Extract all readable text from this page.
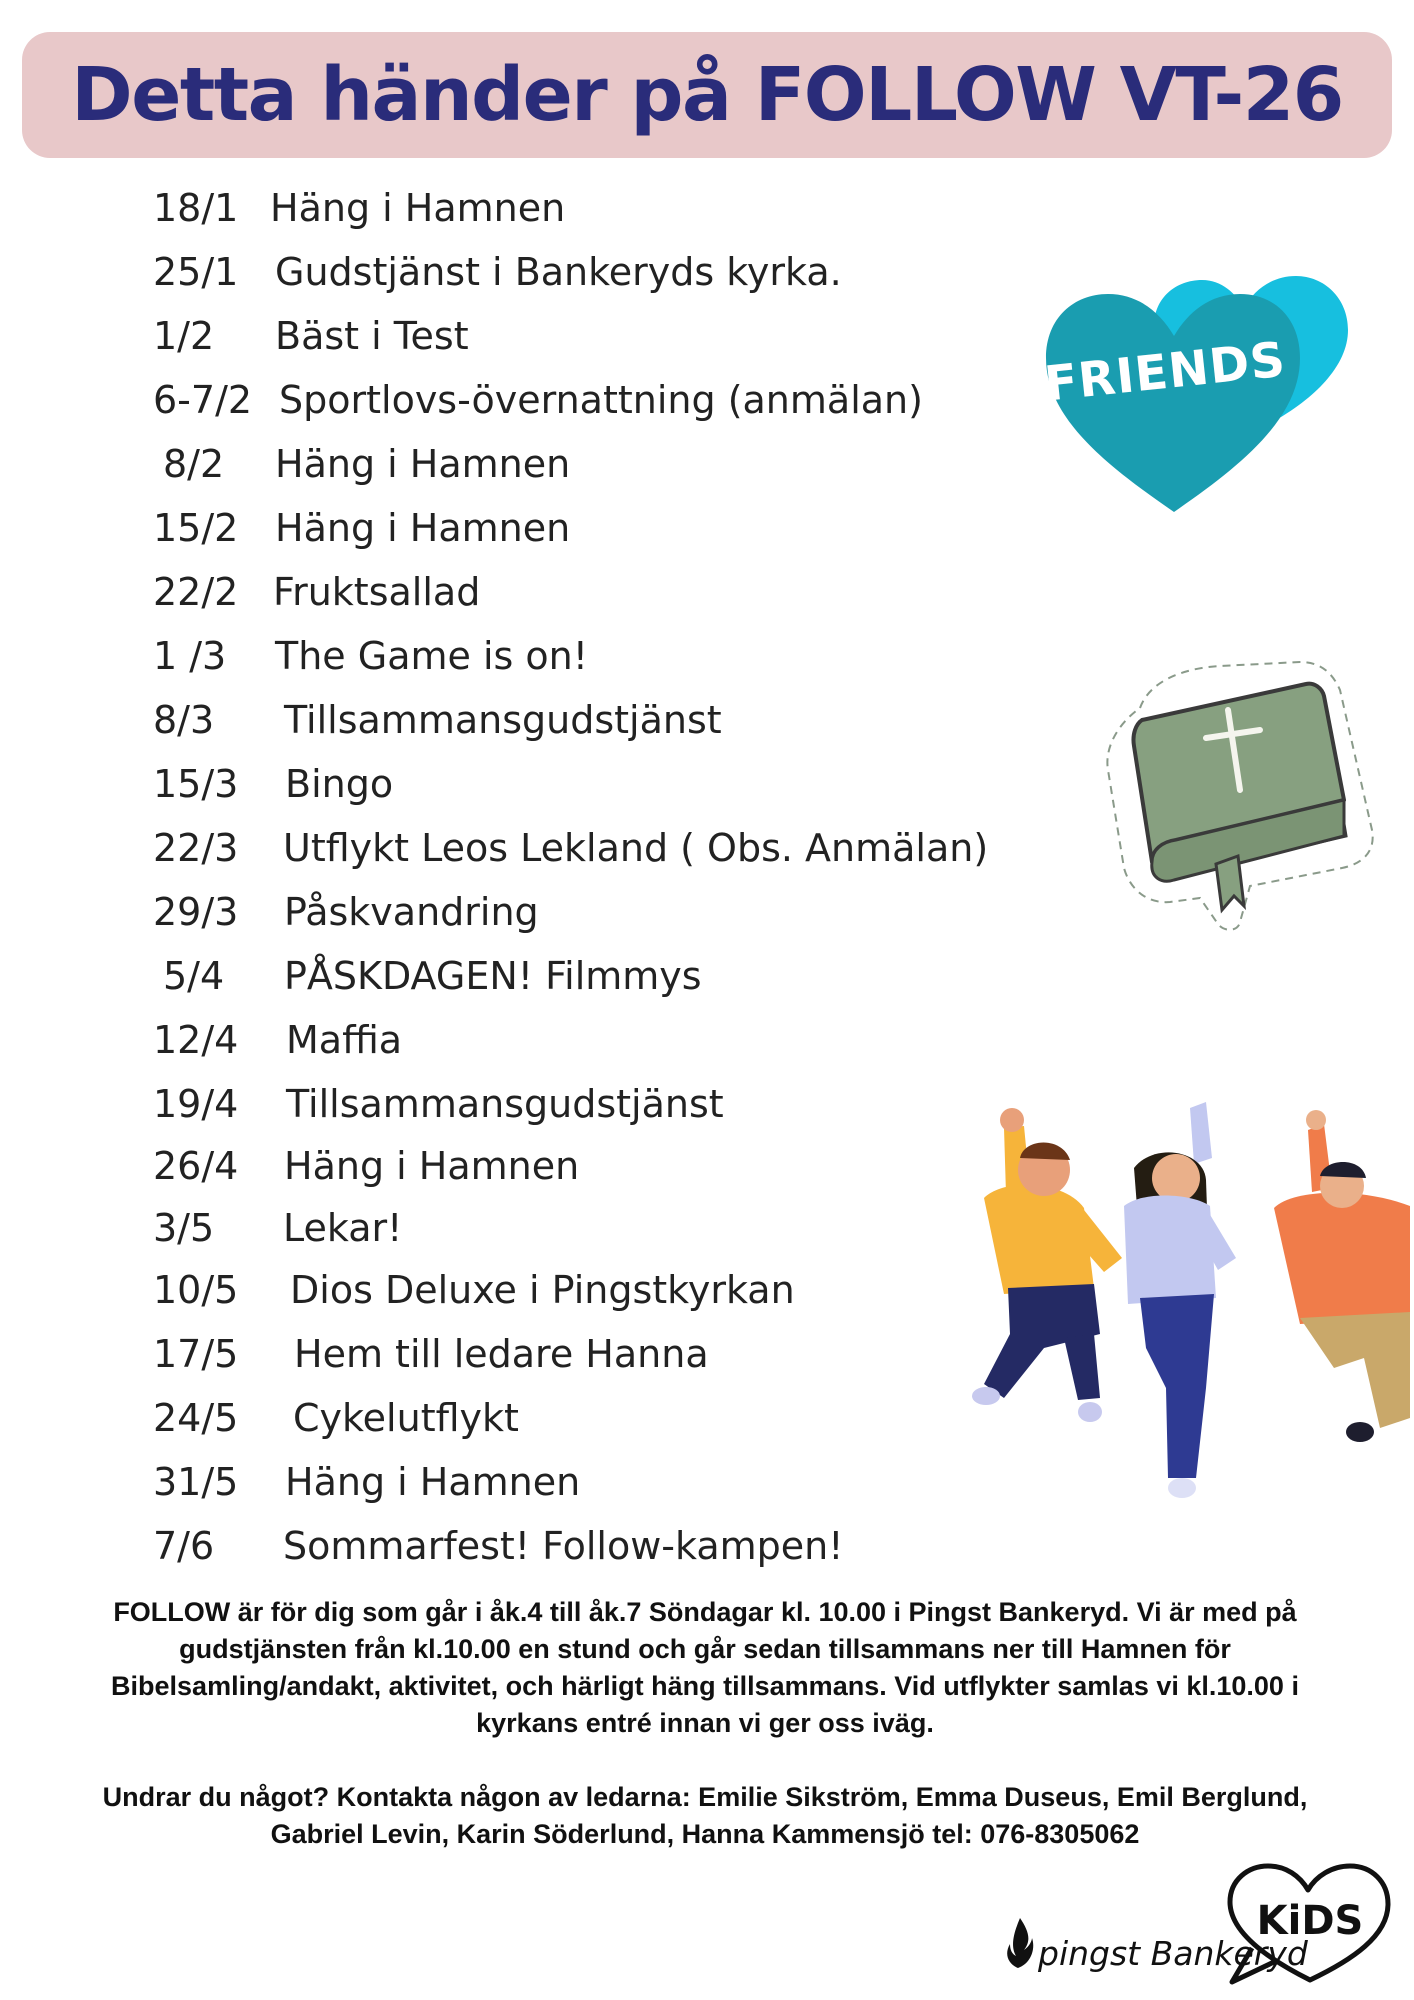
Detta händer på FOLLOW VT-26
18/1 Häng i Hamnen
25/1 Gudstjänst i Bankeryds kyrka.
1/2 Bäst i Test
6-7/2 Sportlovs-övernattning (anmälan)
8/2 Häng i Hamnen
15/2 Häng i Hamnen
22/2 Fruktsallad
1 /3 The Game is on!
8/3 Tillsammansgudstjänst
15/3 Bingo
22/3 Utflykt Leos Lekland ( Obs. Anmälan)
29/3 Påskvandring
5/4 PÅSKDAGEN! Filmmys
12/4 Maffia
19/4 Tillsammansgudstjänst
26/4 Häng i Hamnen
3/5 Lekar!
10/5 Dios Deluxe i Pingstkyrkan
17/5 Hem till ledare Hanna
24/5 Cykelutflykt
31/5 Häng i Hamnen
7/6 Sommarfest! Follow-kampen!
FRIENDS

FOLLOW är för dig som går i åk.4 till åk.7 Söndagar kl. 10.00 i Pingst Bankeryd. Vi är med på gudstjänsten från kl.10.00 en stund och går sedan tillsammans ner till Hamnen för Bibelsamling/andakt, aktivitet, och härligt häng tillsammans. Vid utflykter samlas vi kl.10.00 i kyrkans entré innan vi ger oss iväg.

Undrar du något? Kontakta någon av ledarna: Emilie Sikström, Emma Duseus, Emil Berglund, Gabriel Levin, Karin Söderlund, Hanna Kammensjö tel: 076-8305062

KiDS
pingst Bankeryd
